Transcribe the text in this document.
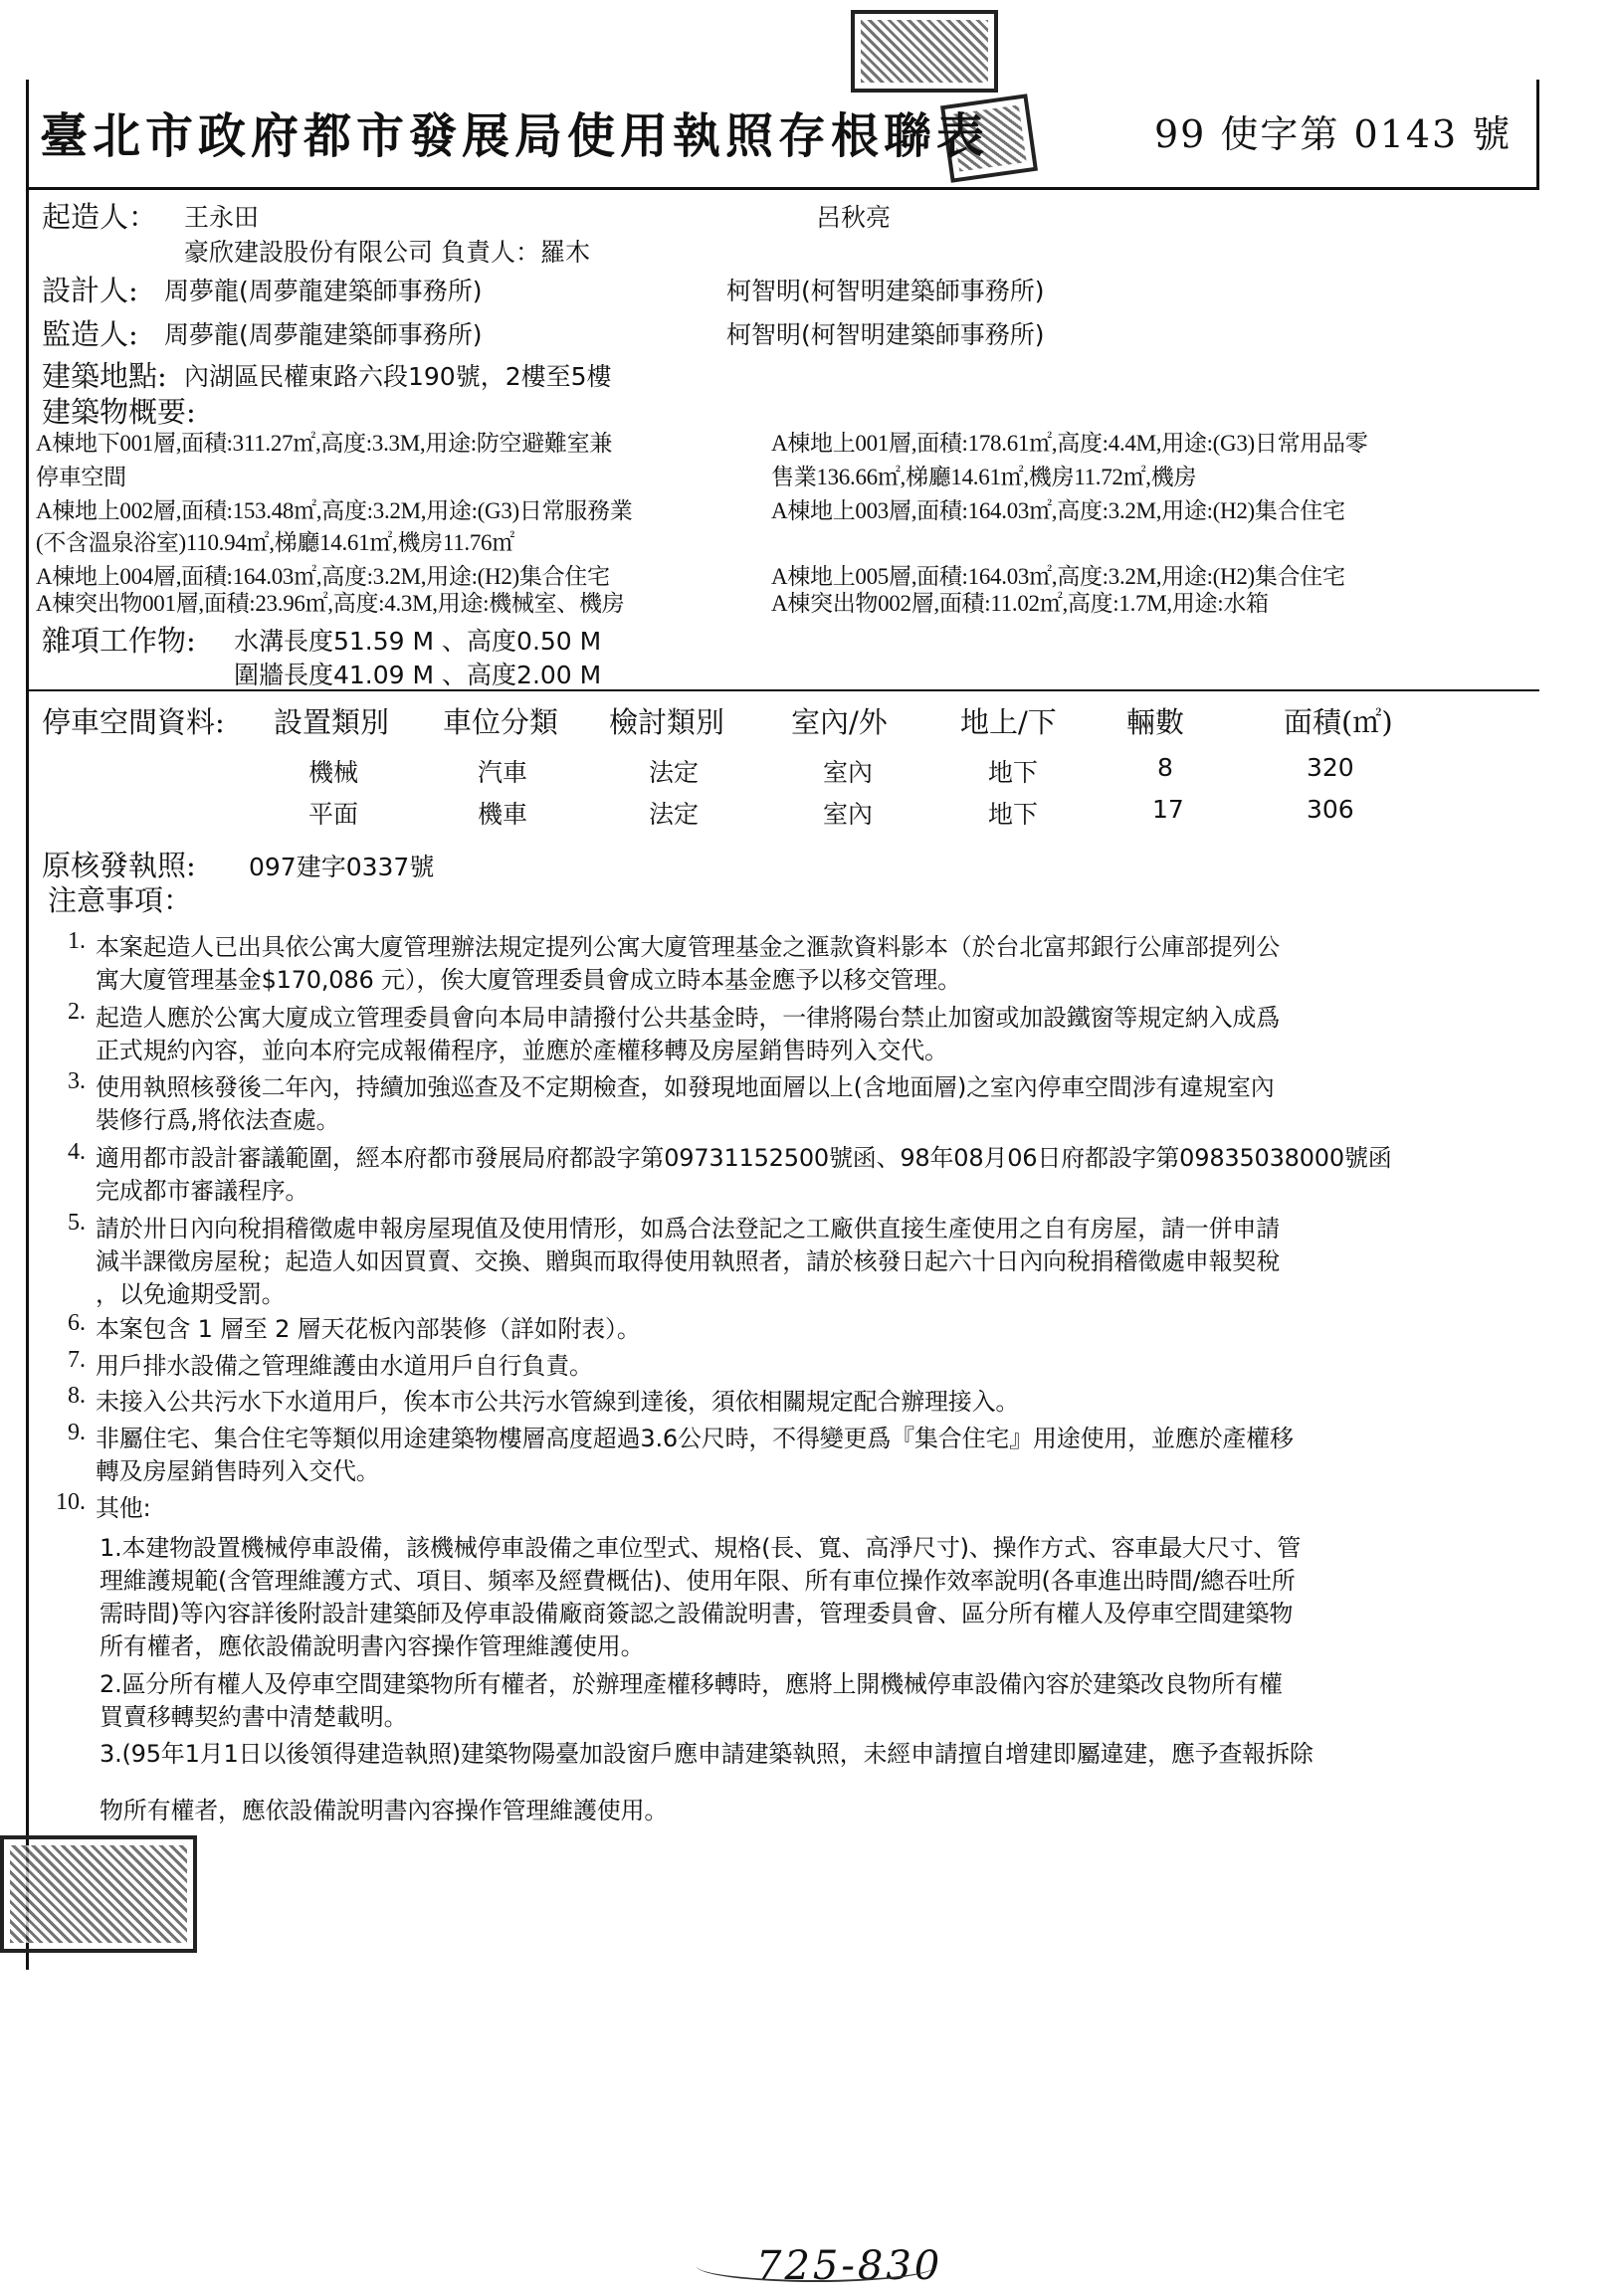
臺北市政府都市發展局使用執照存根聯表	99 使字第 0143 號
起造人： 王永田	呂秋亮
豪欣建設股份有限公司 負責人：羅木
設計人: 周夢龍(周夢龍建築師事務所)	柯智明(柯智明建築師事務所)
監造人: 周夢龍(周夢龍建築師事務所)	柯智明(柯智明建築師事務所)
建築地點: 內湖區民權東路六段190號，2樓至5樓
建築物概要:
A棟地下001層,面積:311.27㎡,高度:3.3M,用途:防空避難室兼	A棟地上001層,面積:178.61㎡,高度:4.4M,用途:(G3)日常用品零
停車空間	售業136.66㎡,梯廳14.61㎡,機房11.72㎡,機房
A棟地上002層,面積:153.48㎡,高度:3.2M,用途:(G3)日常服務業	A棟地上003層,面積:164.03㎡,高度:3.2M,用途:(H2)集合住宅
(不含溫泉浴室)110.94㎡,梯廳14.61㎡,機房11.76㎡
A棟地上004層,面積:164.03㎡,高度:3.2M,用途:(H2)集合住宅	A棟地上005層,面積:164.03㎡,高度:3.2M,用途:(H2)集合住宅
A棟突出物001層,面積:23.96㎡,高度:4.3M,用途:機械室、機房	A棟突出物002層,面積:11.02㎡,高度:1.7M,用途:水箱
雜項工作物: 水溝長度51.59 M 、高度0.50 M
圍牆長度41.09 M 、高度2.00 M
停車空間資料: 設置類別 車位分類 檢討類別 室內/外	地上/下 輛數	面積(㎡)
機械	汽車	法定	室內	地下	8	320
平面	機車	法定	室內	地下	17	306
原核發執照: 097建字0337號
注意事項：
1. 本案起造人已出具依公寓大廈管理辦法規定提列公寓大廈管理基金之滙款資料影本（於台北富邦銀行公庫部提列公
寓大廈管理基金$170,086 元），俟大廈管理委員會成立時本基金應予以移交管理。
2. 起造人應於公寓大廈成立管理委員會向本局申請撥付公共基金時，一律將陽台禁止加窗或加設鐵窗等規定納入成爲
正式規約內容，並向本府完成報備程序，並應於產權移轉及房屋銷售時列入交代。
3. 使用執照核發後二年內，持續加強巡查及不定期檢查，如發現地面層以上(含地面層)之室內停車空間涉有違規室內
裝修行爲,將依法查處。
4. 適用都市設計審議範圍，經本府都市發展局府都設字第09731152500號函、98年08月06日府都設字第09835038000號函
完成都市審議程序。
5. 請於卅日內向稅捐稽徵處申報房屋現值及使用情形，如爲合法登記之工廠供直接生產使用之自有房屋，請一併申請
減半課徵房屋稅；起造人如因買賣、交換、贈與而取得使用執照者，請於核發日起六十日內向稅捐稽徵處申報契稅
，以免逾期受罰。
6. 本案包含 1 層至 2 層天花板內部裝修（詳如附表）。
7. 用戶排水設備之管理維護由水道用戶自行負責。
8. 未接入公共污水下水道用戶，俟本市公共污水管線到達後，須依相關規定配合辦理接入。
9. 非屬住宅、集合住宅等類似用途建築物樓層高度超過3.6公尺時，不得變更爲『集合住宅』用途使用，並應於產權移
轉及房屋銷售時列入交代。
10. 其他:
1.本建物設置機械停車設備，該機械停車設備之車位型式、規格(長、寬、高淨尺寸)、操作方式、容車最大尺寸、管
理維護規範(含管理維護方式、項目、頻率及經費概估)、使用年限、所有車位操作效率說明(各車進出時間/總吞吐所
需時間)等內容詳後附設計建築師及停車設備廠商簽認之設備說明書，管理委員會、區分所有權人及停車空間建築物
所有權者，應依設備說明書內容操作管理維護使用。
2.區分所有權人及停車空間建築物所有權者，於辦理產權移轉時，應將上開機械停車設備內容於建築改良物所有權
買賣移轉契約書中清楚載明。
3.(95年1月1日以後領得建造執照)建築物陽臺加設窗戶應申請建築執照，未經申請擅自增建即屬違建，應予查報拆除
物所有權者，應依設備說明書內容操作管理維護使用。
725-830
